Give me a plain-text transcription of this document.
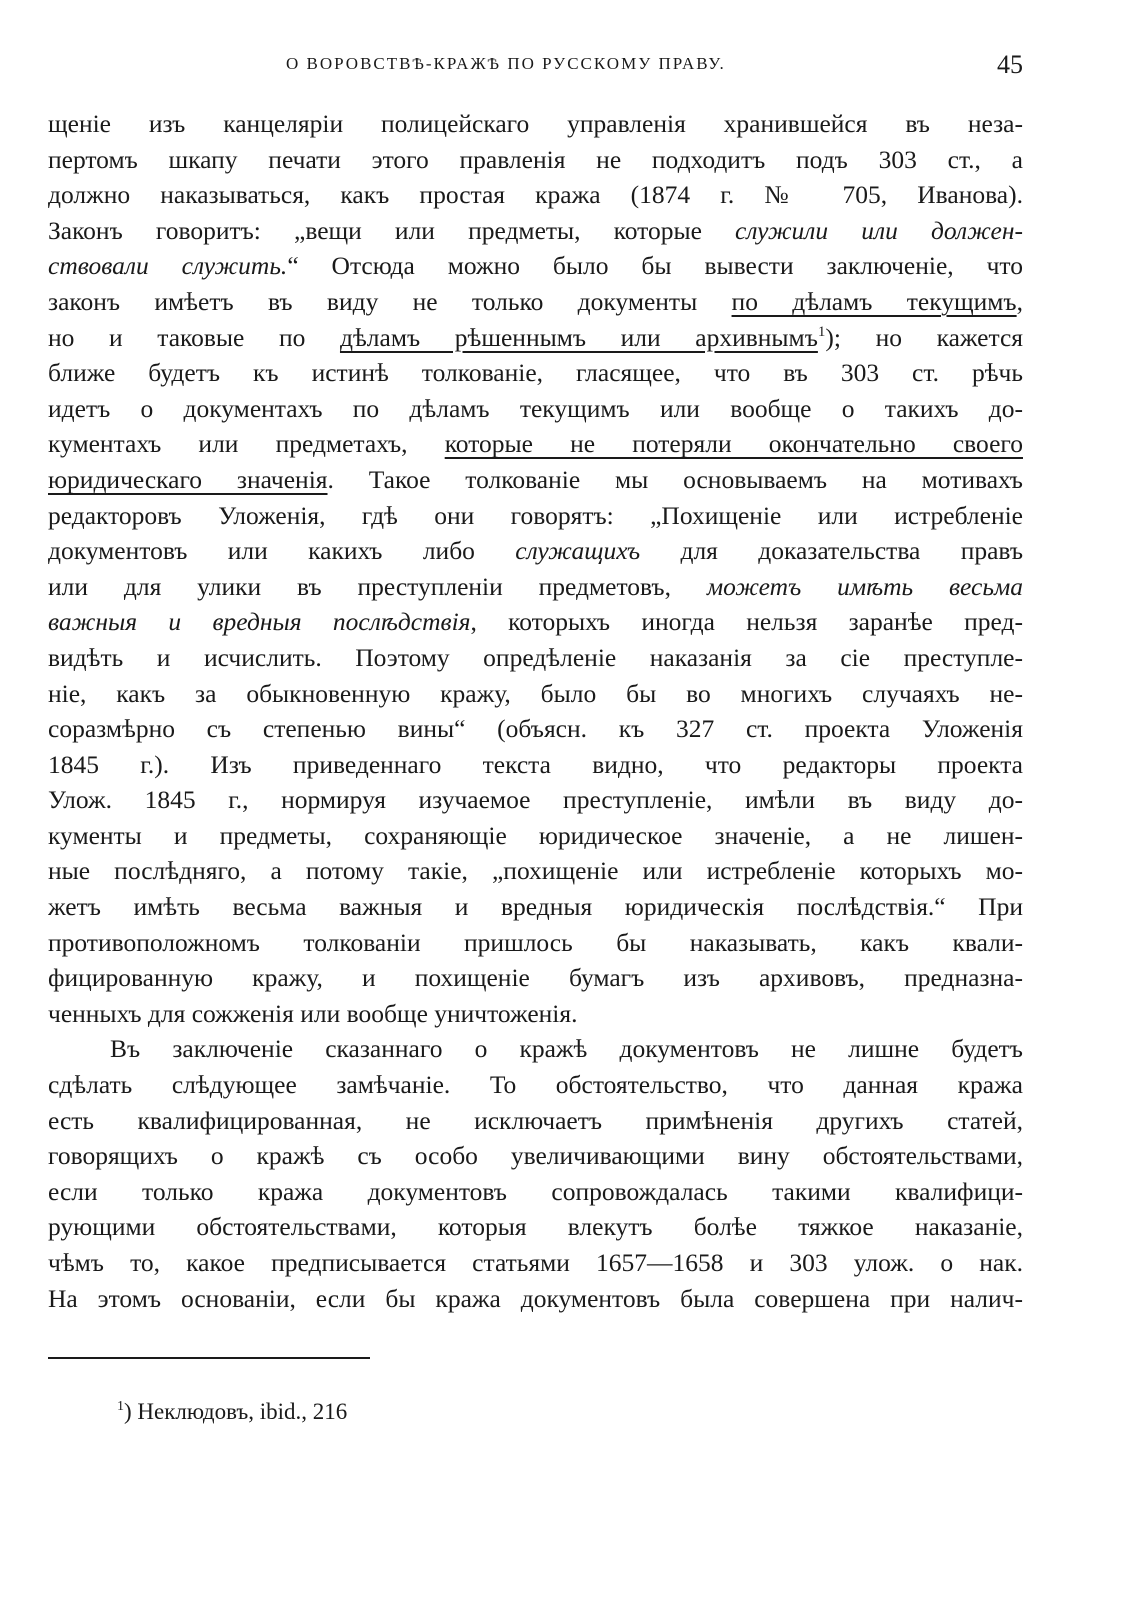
О ВОРОВСТВѢ-КРАЖѢ ПО РУССКОМУ ПРАВУ.	45
щеніе изъ канцеляріи полицейскаго управленія хранившейся въ неза-
пертомъ шкапу печати этого правленія не подходитъ подъ 303 ст., а
должно наказываться, какъ простая кража (1874 г. № 705, Иванова).
Законъ говоритъ: „вещи или предметы, которые служили или должен-
ствовали служить.“ Отсюда можно было бы вывести заключеніе, что
законъ имѣетъ въ виду не только документы по дѣламъ текущимъ,
но и таковые по дѣламъ рѣшеннымъ или архивнымъ$^1$); но кажется
ближе будетъ къ истинѣ толкованіе, гласящее, что въ 303 ст. рѣчь
идетъ о документахъ по дѣламъ текущимъ или вообще о такихъ до-
кументахъ или предметахъ, которые не потеряли окончательно своего
юридическаго значенія. Такое толкованіе мы основываемъ на мотивахъ
редакторовъ Уложенія, гдѣ они говорятъ: „Похищеніе или истребленіе
документовъ или какихъ либо служащихъ для доказательства правъ
или для улики въ преступленіи предметовъ, можетъ имѣть весьма
важныя и вредныя послѣдствія, которыхъ иногда нельзя заранѣе пред-
видѣть и исчислить. Поэтому опредѣленіе наказанія за сіе преступле-
ніе, какъ за обыкновенную кражу, было бы во многихъ случаяхъ не-
соразмѣрно съ степенью вины“ (объясн. къ 327 ст. проекта Уложенія
1845 г.). Изъ приведеннаго текста видно, что редакторы проекта
Улож. 1845 г., нормируя изучаемое преступленіе, имѣли въ виду до-
кументы и предметы, сохраняющіе юридическое значеніе, а не лишен-
ные послѣдняго, а потому такіе, „похищеніе или истребленіе которыхъ мо-
жетъ имѣть весьма важныя и вредныя юридическія послѣдствія.“ При
противоположномъ толкованіи пришлось бы наказывать, какъ квали-
фицированную кражу, и похищеніе бумагъ изъ архивовъ, предназна-
ченныхъ для сожженія или вообще уничтоженія.
Въ заключеніе сказаннаго о кражѣ документовъ не лишне будетъ
сдѣлать слѣдующее замѣчаніе. То обстоятельство, что данная кража
есть квалифицированная, не исключаетъ примѣненія другихъ статей,
говорящихъ о кражѣ съ особо увеличивающими вину обстоятельствами,
если только кража документовъ сопровождалась такими квалифици-
рующими обстоятельствами, которыя влекутъ болѣе тяжкое наказаніе,
чѣмъ то, какое предписывается статьями 1657—1658 и 303 улож. о нак.
На этомъ основаніи, если бы кража документовъ была совершена при налич-
$^1$) Неклюдовъ, ibid., 216
